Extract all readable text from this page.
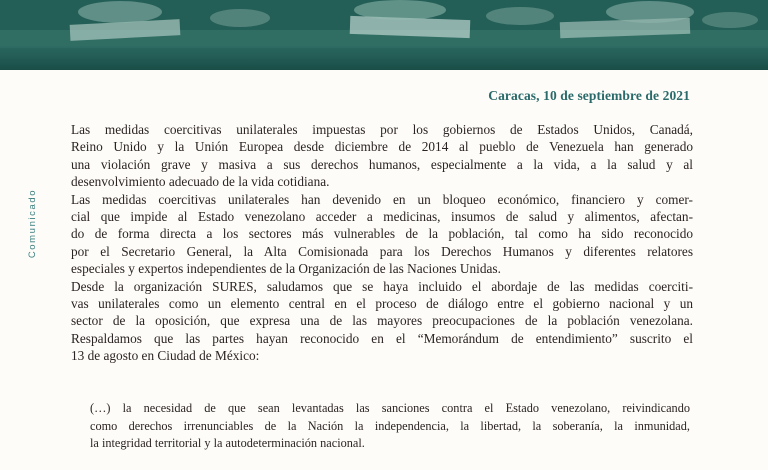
Caracas, 10 de septiembre de 2021
Comunicado
Las medidas coercitivas unilaterales impuestas por los gobiernos de Estados Unidos, Canadá,
Reino Unido y la Unión Europea desde diciembre de 2014 al pueblo de Venezuela han generado
una violación grave y masiva a sus derechos humanos, especialmente a la vida, a la salud y al
desenvolvimiento adecuado de la vida cotidiana.
Las medidas coercitivas unilaterales han devenido en un bloqueo económico, financiero y comer-
cial que impide al Estado venezolano acceder a medicinas, insumos de salud y alimentos, afectan-
do de forma directa a los sectores más vulnerables de la población, tal como ha sido reconocido
por el Secretario General, la Alta Comisionada para los Derechos Humanos y diferentes relatores
especiales y expertos independientes de la Organización de las Naciones Unidas.
Desde la organización SURES, saludamos que se haya incluido el abordaje de las medidas coerciti-
vas unilaterales como un elemento central en el proceso de diálogo entre el gobierno nacional y un
sector de la oposición, que expresa una de las mayores preocupaciones de la población venezolana.
Respaldamos que las partes hayan reconocido en el “Memorándum de entendimiento” suscrito el
13 de agosto en Ciudad de México:
(…) la necesidad de que sean levantadas las sanciones contra el Estado venezolano, reivindicando
como derechos irrenunciables de la Nación la independencia, la libertad, la soberanía, la inmunidad,
la integridad territorial y la autodeterminación nacional.
